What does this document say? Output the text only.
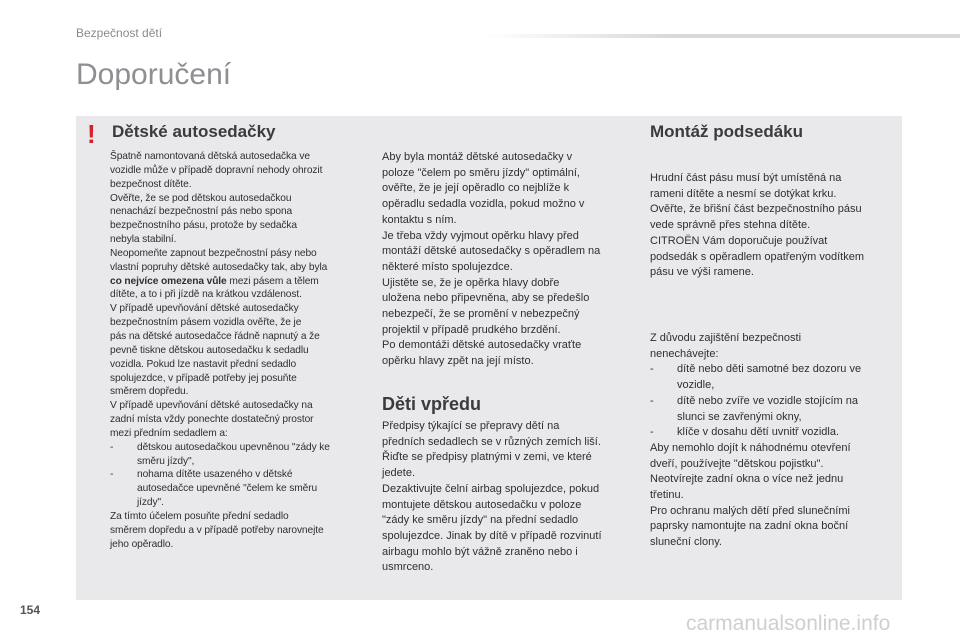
Bezpečnost dětí
Doporučení
! Dětské autosedačky	Montáž podsedáku
Špatně namontovaná dětská autosedačka ve
vozidle může v případě dopravní nehody ohrozit
bezpečnost dítěte.
Ověřte, že se pod dětskou autosedačkou
nenachází bezpečnostní pás nebo spona
bezpečnostního pásu, protože by sedačka
nebyla stabilní.
Neopomeňte zapnout bezpečnostní pásy nebo
vlastní popruhy dětské autosedačky tak, aby byla
co nejvíce omezena vůle mezi pásem a tělem
dítěte, a to i při jízdě na krátkou vzdálenost.
V případě upevňování dětské autosedačky
bezpečnostním pásem vozidla ověřte, že je
pás na dětské autosedačce řádně napnutý a že
pevně tiskne dětskou autosedačku k sedadlu
vozidla. Pokud lze nastavit přední sedadlo
spolujezdce, v případě potřeby jej posuňte
směrem dopředu.
V případě upevňování dětské autosedačky na
zadní místa vždy ponechte dostatečný prostor
mezi předním sedadlem a:
- dětskou autosedačkou upevněnou "zády ke
směru jízdy",
- nohama dítěte usazeného v dětské
autosedačce upevněné "čelem ke směru
jízdy".
Za tímto účelem posuňte přední sedadlo
směrem dopředu a v případě potřeby narovnejte
jeho opěradlo.
Aby byla montáž dětské autosedačky v
poloze "čelem po směru jízdy" optimální,
ověřte, že je její opěradlo co nejblíže k
opěradlu sedadla vozidla, pokud možno v
kontaktu s ním.
Je třeba vždy vyjmout opěrku hlavy před
montáží dětské autosedačky s opěradlem na
některé místo spolujezdce.
Ujistěte se, že je opěrka hlavy dobře
uložena nebo připevněna, aby se předešlo
nebezpečí, že se promění v nebezpečný
projektil v případě prudkého brzdění.
Po demontáži dětské autosedačky vraťte
opěrku hlavy zpět na její místo.
Děti vpředu
Předpisy týkající se přepravy dětí na
předních sedadlech se v různých zemích liší.
Řiďte se předpisy platnými v zemi, ve které
jedete.
Dezaktivujte čelní airbag spolujezdce, pokud
montujete dětskou autosedačku v poloze
"zády ke směru jízdy" na přední sedadlo
spolujezdce. Jinak by dítě v případě rozvinutí
airbagu mohlo být vážně zraněno nebo i
usmrceno.
Hrudní část pásu musí být umístěná na
rameni dítěte a nesmí se dotýkat krku.
Ověřte, že břišní část bezpečnostního pásu
vede správně přes stehna dítěte.
CITROËN Vám doporučuje používat
podsedák s opěradlem opatřeným vodítkem
pásu ve výši ramene.
Z důvodu zajištění bezpečnosti
nenechávejte:
- dítě nebo děti samotné bez dozoru ve
vozidle,
- dítě nebo zvíře ve vozidle stojícím na
slunci se zavřenými okny,
- klíče v dosahu dětí uvnitř vozidla.
Aby nemohlo dojít k náhodnému otevření
dveří, používejte "dětskou pojistku".
Neotvírejte zadní okna o více než jednu
třetinu.
Pro ochranu malých dětí před slunečními
paprsky namontujte na zadní okna boční
sluneční clony.
154
carmanualsonline.info
